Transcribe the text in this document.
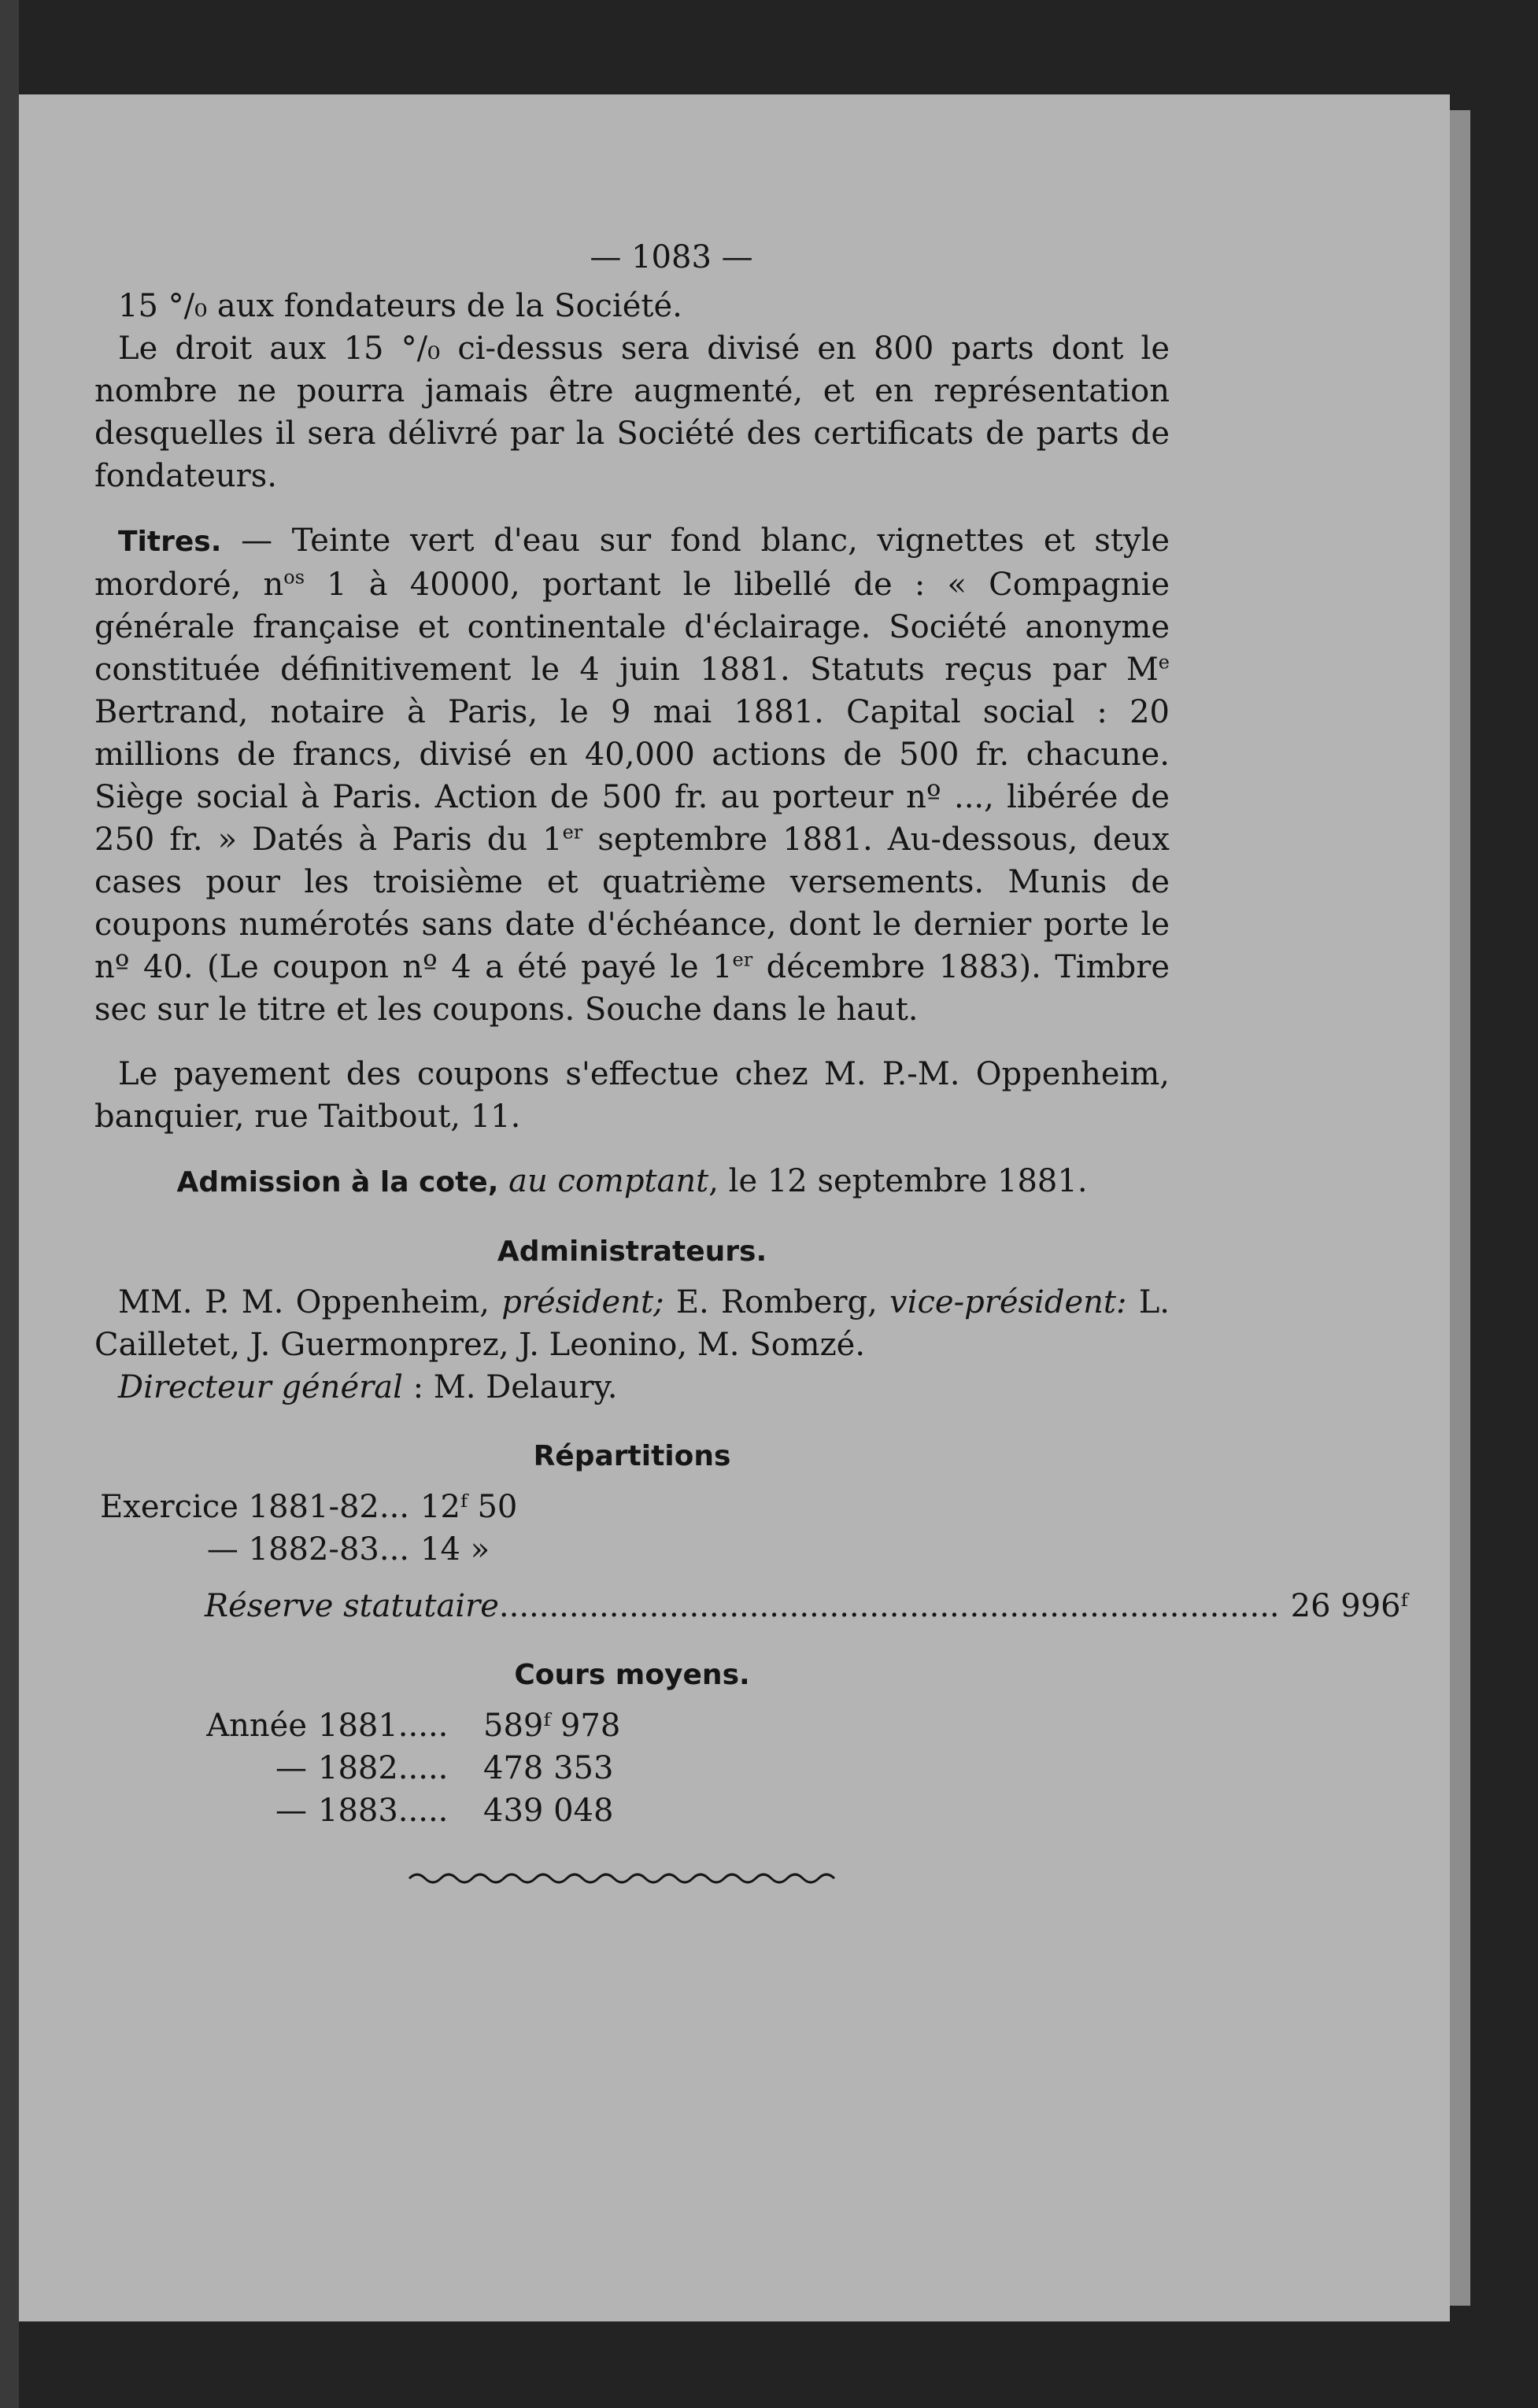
— 1083 —

15 °/₀ aux fondateurs de la Société.

Le droit aux 15 °/₀ ci-dessus sera divisé en 800 parts dont le nombre ne pourra jamais être augmenté, et en représentation desquelles il sera délivré par la Société des certificats de parts de fondateurs.

Titres. — Teinte vert d'eau sur fond blanc, vignettes et style mordoré, $n^{os}$ 1 à 40000, portant le libellé de : « Compagnie générale française et continentale d'éclairage. Société anonyme constituée définitivement le 4 juin 1881. Statuts reçus par Me Bertrand, notaire à Paris, le 9 mai 1881. Capital social : 20 millions de francs, divisé en 40,000 actions de 500 fr. chacune. Siège social à Paris. Action de 500 fr. au porteur nº ..., libérée de 250 fr. » Datés à Paris du 1er septembre 1881. Au-dessous, deux cases pour les troisième et quatrième versements. Munis de coupons numérotés sans date d'échéance, dont le dernier porte le nº 40. (Le coupon nº 4 a été payé le 1er décembre 1883). Timbre sec sur le titre et les coupons. Souche dans le haut.

Le payement des coupons s'effectue chez M. P.-M. Oppenheim, banquier, rue Taitbout, 11.

Admission à la cote, au comptant, le 12 septembre 1881.

Administrateurs.

MM. P. M. Oppenheim, président; E. Romberg, vice-président: L. Cailletet, J. Guermonprez, J. Leonino, M. Somzé.

Directeur général : M. Delaury.

Répartitions
Exercice 1881-82... 12ᶠ 50
— 1882-83... 14 »
Réserve statutaire .............................................................................. 26 996ᶠ
Cours moyens.
Année 1881.....	589ᶠ 978
— 1882.....	478 353
— 1883.....	439 048
